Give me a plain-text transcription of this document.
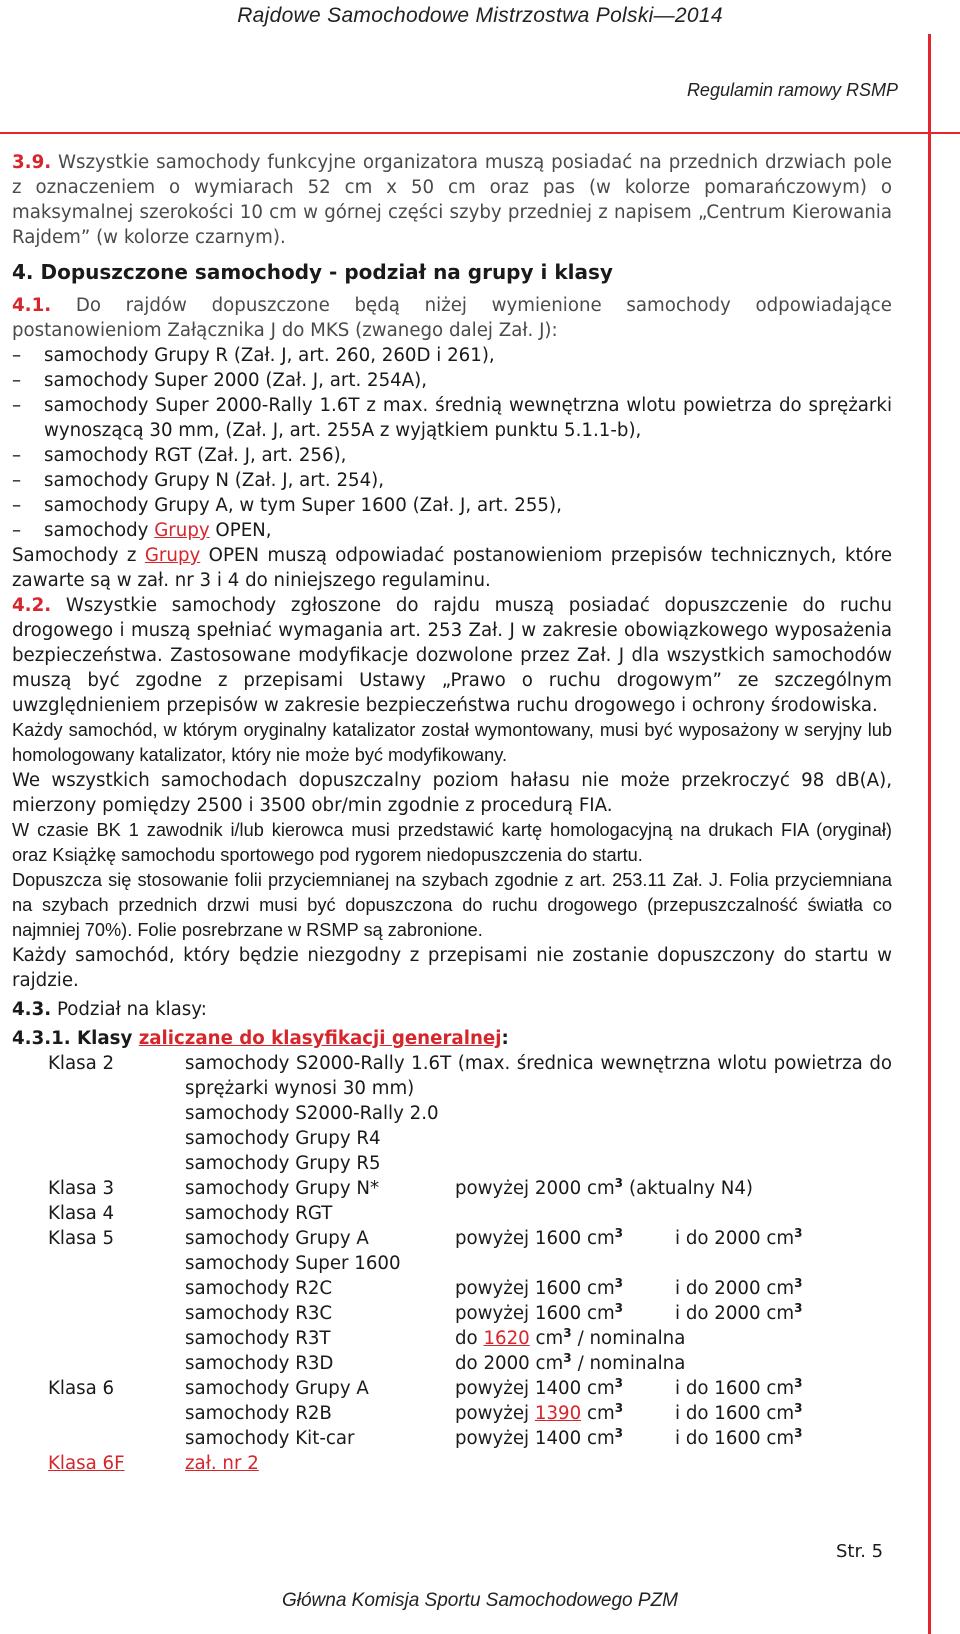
Rajdowe Samochodowe Mistrzostwa Polski—2014
Regulamin ramowy RSMP

3.9. Wszystkie samochody funkcyjne organizatora muszą posiadać na przednich drzwiach pole z oznaczeniem o wymiarach 52 cm x 50 cm oraz pas (w kolorze pomarańczowym) o maksymalnej szerokości 10 cm w górnej części szyby przedniej z napisem „Centrum Kierowania Rajdem” (w kolorze czarnym).

4. Dopuszczone samochody - podział na grupy i klasy

4.1. Do rajdów dopuszczone będą niżej wymienione samochody odpowiadające postanowieniom Załącznika J do MKS (zwanego dalej Zał. J):

– samochody Grupy R (Zał. J, art. 260, 260D i 261),
– samochody Super 2000 (Zał. J, art. 254A),
– samochody Super 2000-Rally 1.6T z max. średnią wewnętrzna wlotu powietrza do sprężarki wynoszącą 30 mm, (Zał. J, art. 255A z wyjątkiem punktu 5.1.1-b),
– samochody RGT (Zał. J, art. 256),
– samochody Grupy N (Zał. J, art. 254),
– samochody Grupy A, w tym Super 1600 (Zał. J, art. 255),
– samochody Grupy OPEN,

Samochody z Grupy OPEN muszą odpowiadać postanowieniom przepisów technicznych, które zawarte są w zał. nr 3 i 4 do niniejszego regulaminu.

4.2. Wszystkie samochody zgłoszone do rajdu muszą posiadać dopuszczenie do ruchu drogowego i muszą spełniać wymagania art. 253 Zał. J w zakresie obowiązkowego wyposażenia bezpieczeństwa. Zastosowane modyfikacje dozwolone przez Zał. J dla wszystkich samochodów muszą być zgodne z przepisami Ustawy „Prawo o ruchu drogowym” ze szczególnym uwzględnieniem przepisów w zakresie bezpieczeństwa ruchu drogowego i ochrony środowiska.

Każdy samochód, w którym oryginalny katalizator został wymontowany, musi być wyposażony w seryjny lub homologowany katalizator, który nie może być modyfikowany.

We wszystkich samochodach dopuszczalny poziom hałasu nie może przekroczyć 98 dB(A), mierzony pomiędzy 2500 i 3500 obr/min zgodnie z procedurą FIA.

W czasie BK 1 zawodnik i/lub kierowca musi przedstawić kartę homologacyjną na drukach FIA (oryginał) oraz Książkę samochodu sportowego pod rygorem niedopuszczenia do startu.

Dopuszcza się stosowanie folii przyciemnianej na szybach zgodnie z art. 253.11 Zał. J. Folia przyciemniana na szybach przednich drzwi musi być dopuszczona do ruchu drogowego (przepuszczalność światła co najmniej 70%). Folie posrebrzane w RSMP są zabronione.

Każdy samochód, który będzie niezgodny z przepisami nie zostanie dopuszczony do startu w rajdzie.

4.3. Podział na klasy:

4.3.1. Klasy zaliczane do klasyfikacji generalnej:

Klasa 2	samochody S2000-Rally 1.6T (max. średnica wewnętrzna wlotu powietrza do sprężarki wynosi 30 mm)
samochody S2000-Rally 2.0
samochody Grupy R4
samochody Grupy R5
Klasa 3	samochody Grupy N*	powyżej 2000 $cm^3$ (aktualny N4)
Klasa 4	samochody RGT
Klasa 5	samochody Grupy A	powyżej 1600 $cm^3$	i do 2000 $cm^3$
samochody Super 1600
samochody R2C	powyżej 1600 $cm^3$	i do 2000 $cm^3$
samochody R3C	powyżej 1600 $cm^3$	i do 2000 $cm^3$
samochody R3T	do 1620 $cm^3$ / nominalna
samochody R3D	do 2000 $cm^3$ / nominalna
Klasa 6	samochody Grupy A	powyżej 1400 $cm^3$	i do 1600 $cm^3$
samochody R2B	powyżej 1390 $cm^3$	i do 1600 $cm^3$
samochody Kit-car	powyżej 1400 $cm^3$	i do 1600 $cm^3$
Klasa 6F	zał. nr 2
Str. 5
Główna Komisja Sportu Samochodowego PZM
